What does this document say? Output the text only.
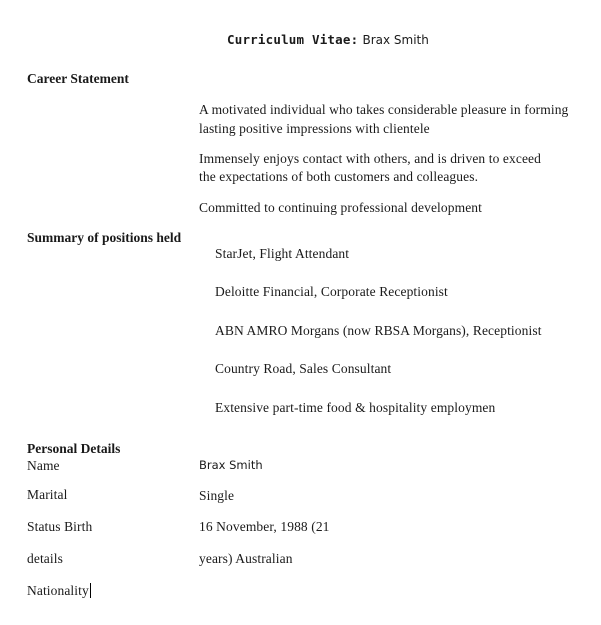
Curriculum Vitae: Brax Smith
Career Statement
A motivated individual who takes considerable pleasure in forming
lasting positive impressions with clientele
Immensely enjoys contact with others, and is driven to exceed
the expectations of both customers and colleagues.
Committed to continuing professional development
Summary of positions held
StarJet, Flight Attendant
Deloitte Financial, Corporate Receptionist
ABN AMRO Morgans (now RBSA Morgans), Receptionist
Country Road, Sales Consultant
Extensive part-time food & hospitality employmen
Personal Details
Name	Brax Smith
Marital	Single
Status Birth	16 November, 1988 (21
details	years) Australian
Nationality
